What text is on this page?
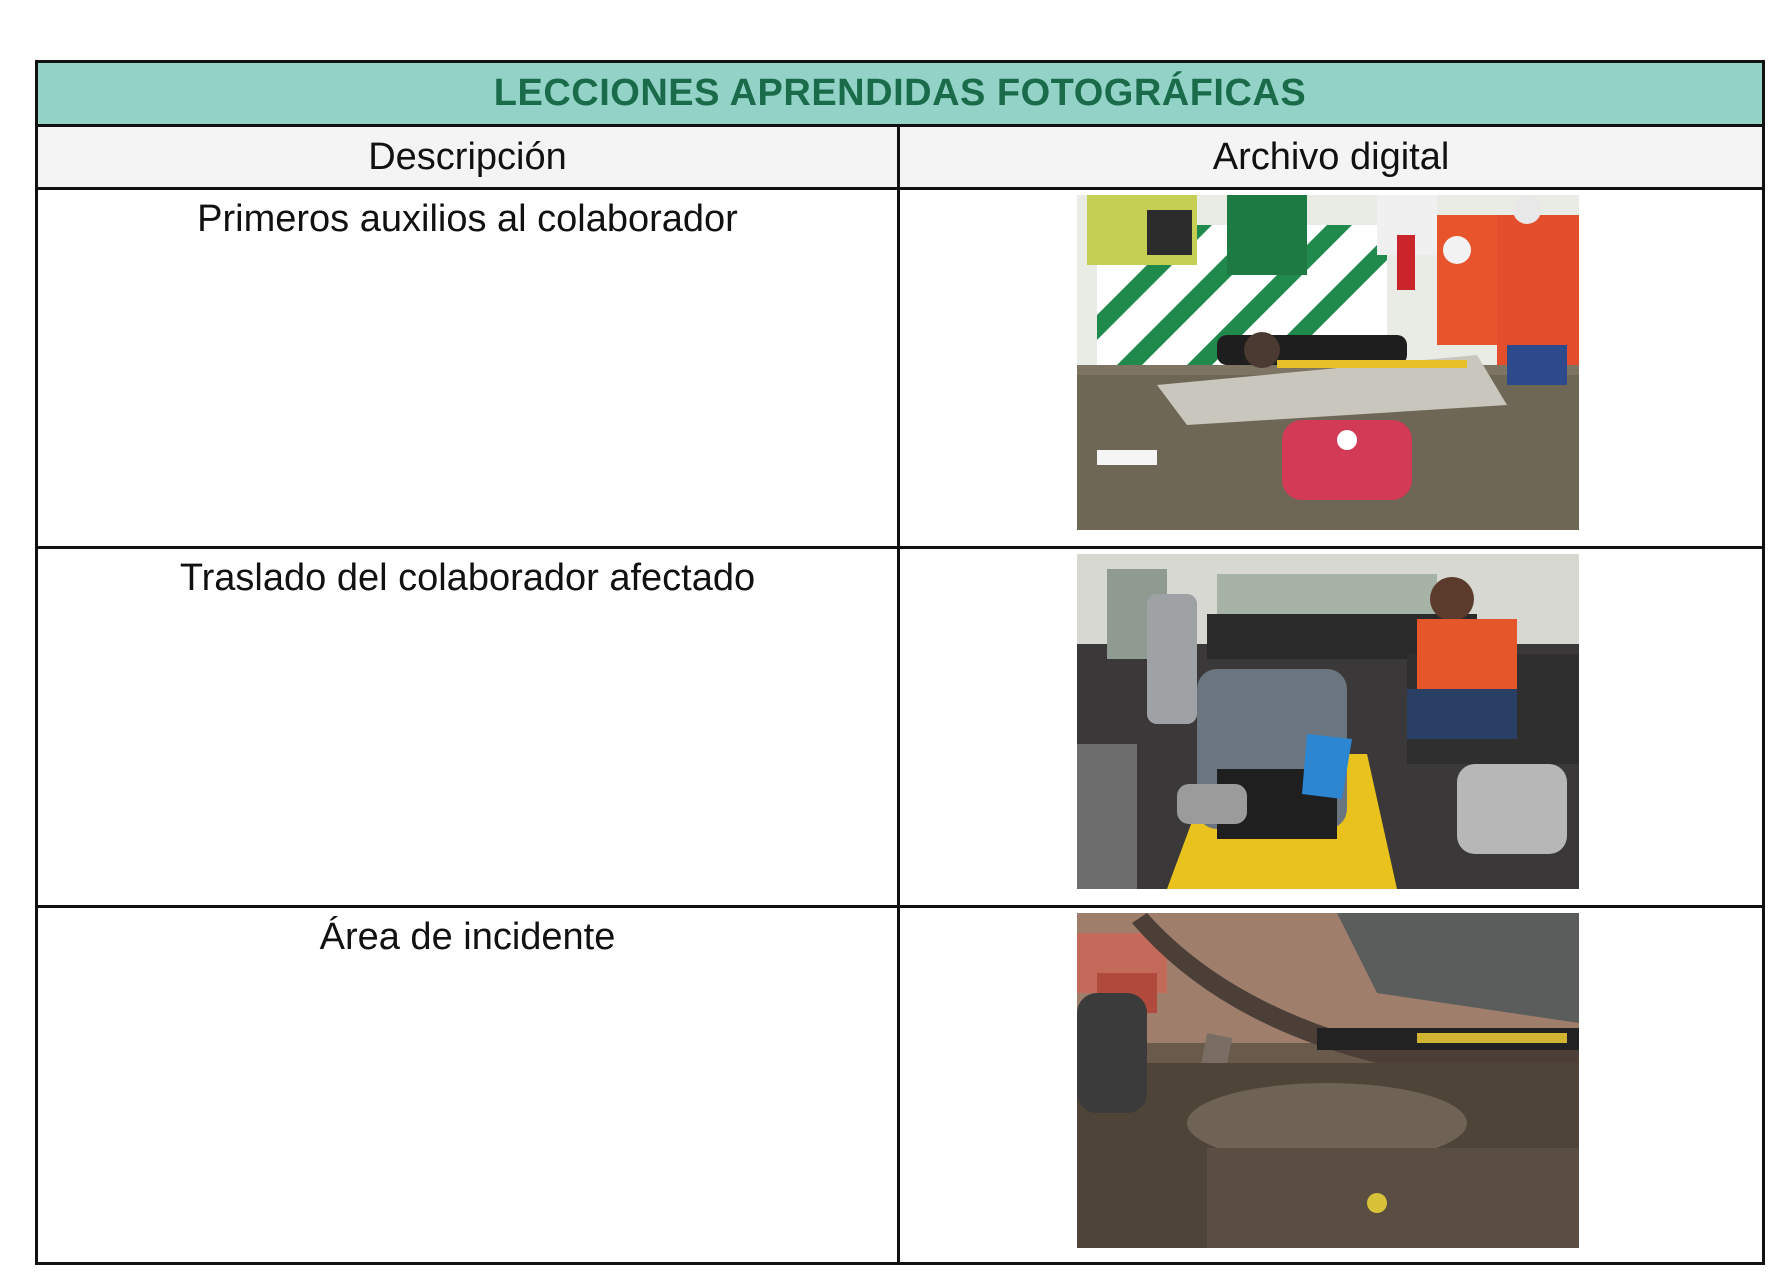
LECCIONES APRENDIDAS FOTOGRÁFICAS
Descripción	Archivo digital
Primeros auxilios al colaborador
Traslado del colaborador afectado
Área de incidente
